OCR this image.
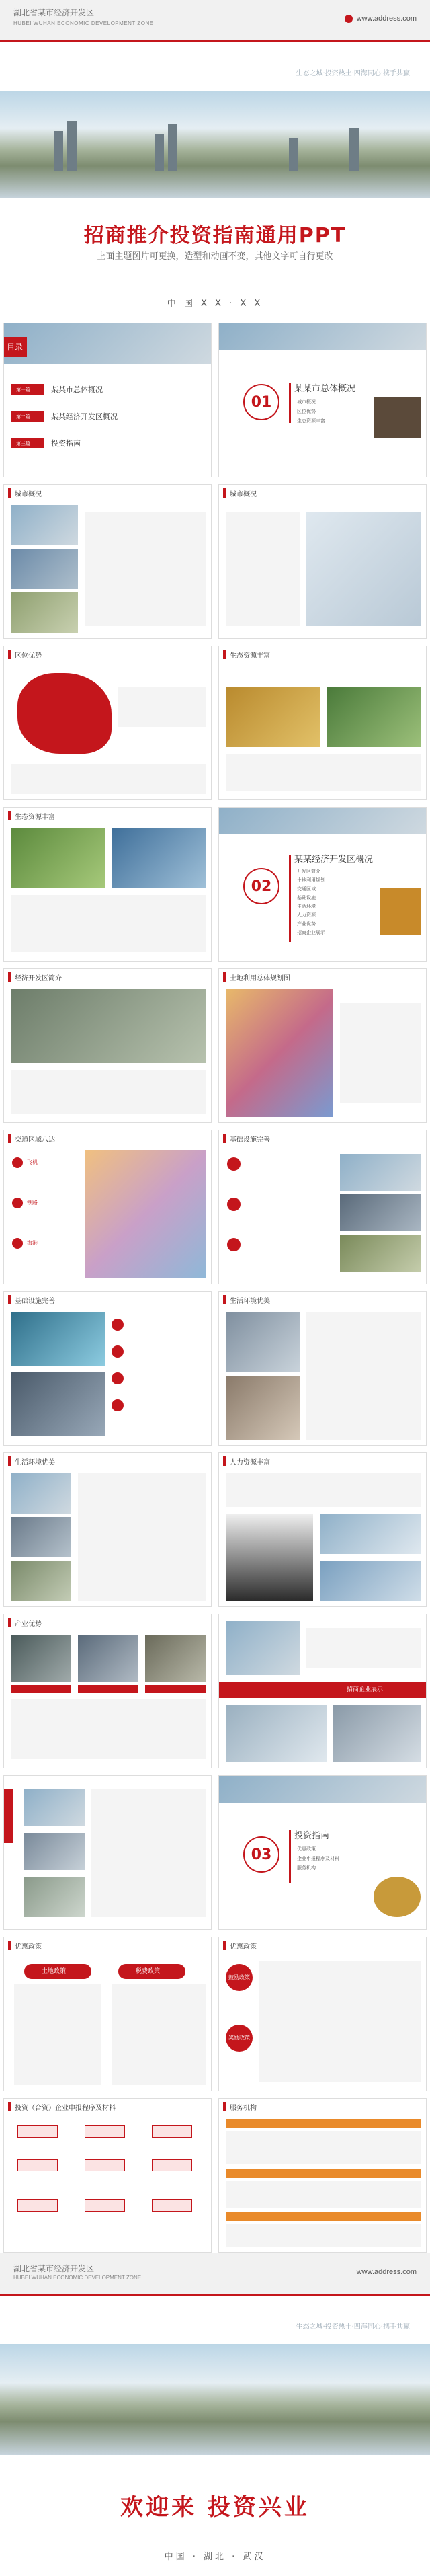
湖北省某市经济开发区
HUBEI WUHAN ECONOMIC DEVELOPMENT ZONE
www.address.com
生态之城·投资热土·四海同心·携手共赢
招商推介投资指南通用PPT
上面主题图片可更换，造型和动画不变，其他文字可自行更改
中 国 X X · X X
目录
第一篇	某某市总体概况
第二篇	某某经济开发区概况
第三篇	投资指南
01
某某市总体概况
城市概况
区位优势
生态资源丰富
城市概况	城市概况
区位优势	生态资源丰富
生态资源丰富
02
某某经济开发区概况
开发区简介
土地利用规划
交通区域
基础设施
生活环境
人力资源
产业优势
招商企业展示
经济开发区简介	土地利用总体规划图
交通区域八达
飞机
铁路
海港
基础设施完善
基础设施完善	生活环境优美
生活环境优美	人力资源丰富
产业优势
招商企业展示
03
投资指南
优惠政策
企业申报程序及材料
服务机构
优惠政策
土地政策	税费政策
优惠政策
鼓励政策
奖励政策
投资（合资）企业申报程序及材料	服务机构
湖北省某市经济开发区
HUBEI WUHAN ECONOMIC DEVELOPMENT ZONE
www.address.com
生态之城·投资热土·四海同心·携手共赢
欢迎来 投资兴业
中国 · 湖北 · 武汉
